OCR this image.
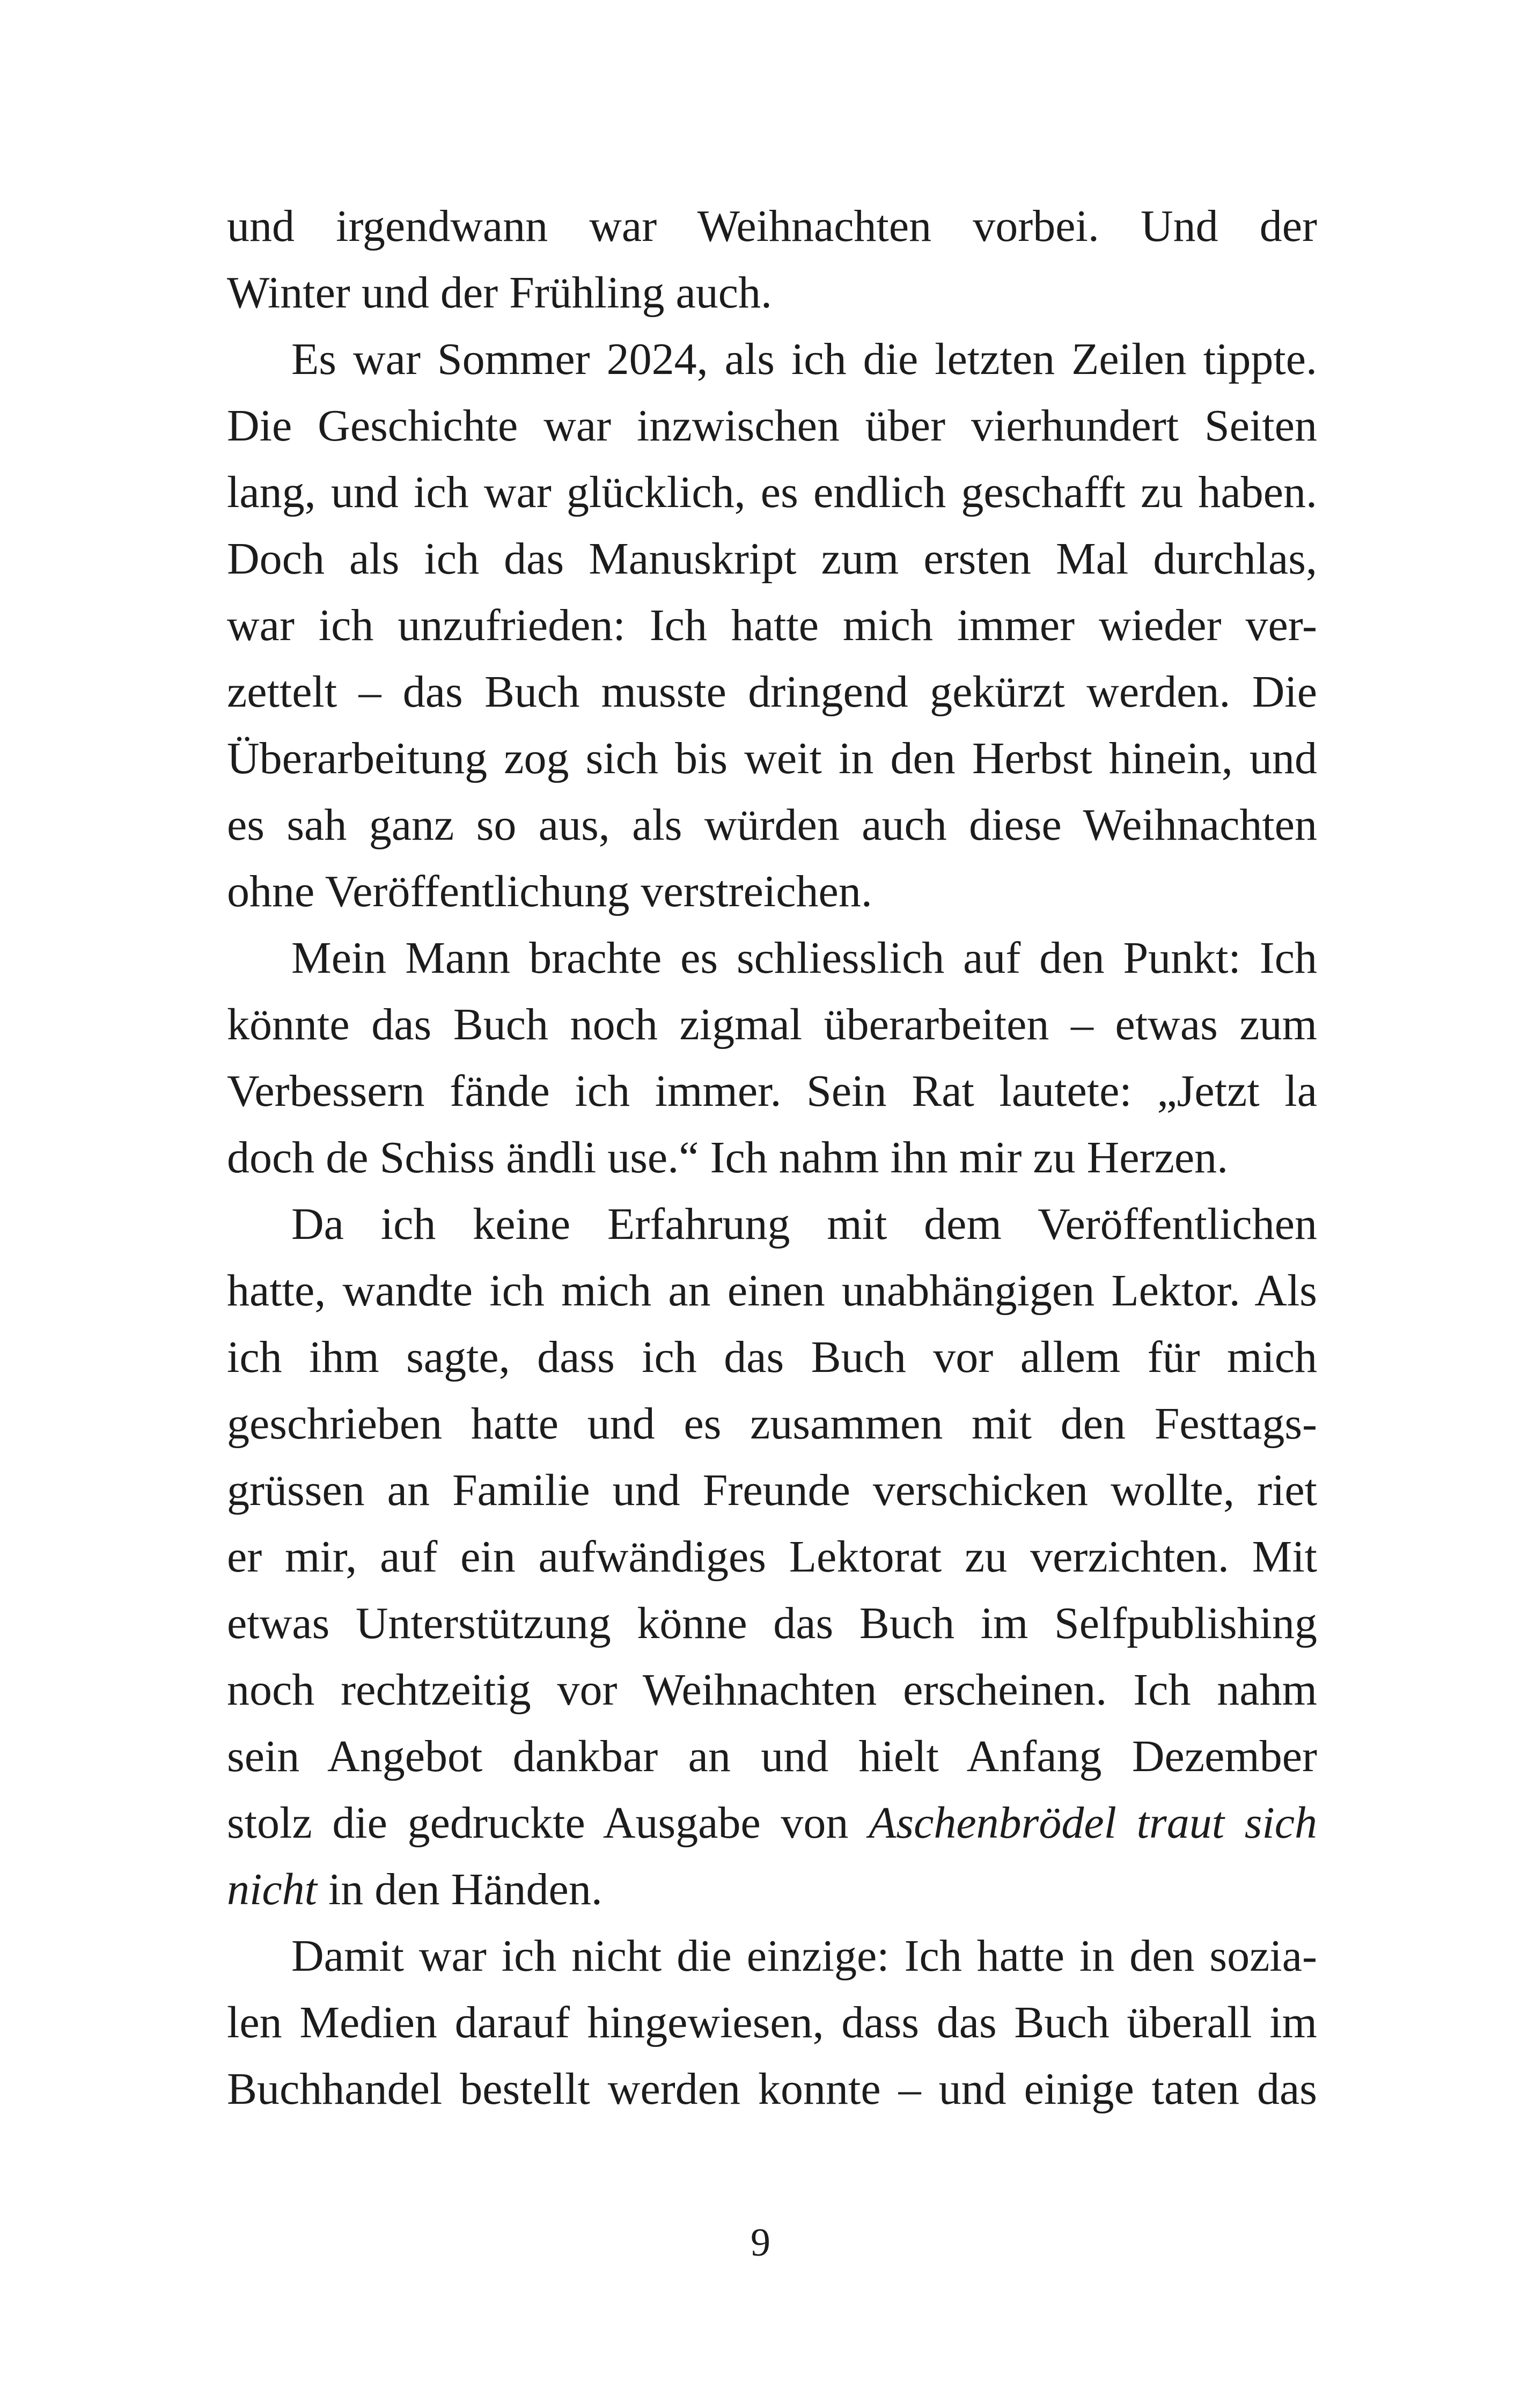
und irgendwann war Weihnachten vorbei. Und der
Winter und der Frühling auch.

Es war Sommer 2024, als ich die letzten Zeilen tippte.
Die Geschichte war inzwischen über vierhundert Seiten
lang, und ich war glücklich, es endlich geschafft zu haben.
Doch als ich das Manuskript zum ersten Mal durchlas,
war ich unzufrieden: Ich hatte mich immer wieder ver-
zettelt – das Buch musste dringend gekürzt werden. Die
Überarbeitung zog sich bis weit in den Herbst hinein, und
es sah ganz so aus, als würden auch diese Weihnachten
ohne Veröffentlichung verstreichen.

Mein Mann brachte es schliesslich auf den Punkt: Ich
könnte das Buch noch zigmal überarbeiten – etwas zum
Verbessern fände ich immer. Sein Rat lautete: „Jetzt la
doch de Schiss ändli use.“ Ich nahm ihn mir zu Herzen.

Da ich keine Erfahrung mit dem Veröffentlichen
hatte, wandte ich mich an einen unabhängigen Lektor. Als
ich ihm sagte, dass ich das Buch vor allem für mich
geschrieben hatte und es zusammen mit den Festtags-
grüssen an Familie und Freunde verschicken wollte, riet
er mir, auf ein aufwändiges Lektorat zu verzichten. Mit
etwas Unterstützung könne das Buch im Selfpublishing
noch rechtzeitig vor Weihnachten erscheinen. Ich nahm
sein Angebot dankbar an und hielt Anfang Dezember
stolz die gedruckte Ausgabe von Aschenbrödel traut sich
nicht in den Händen.

Damit war ich nicht die einzige: Ich hatte in den sozia-
len Medien darauf hingewiesen, dass das Buch überall im
Buchhandel bestellt werden konnte – und einige taten das

9
